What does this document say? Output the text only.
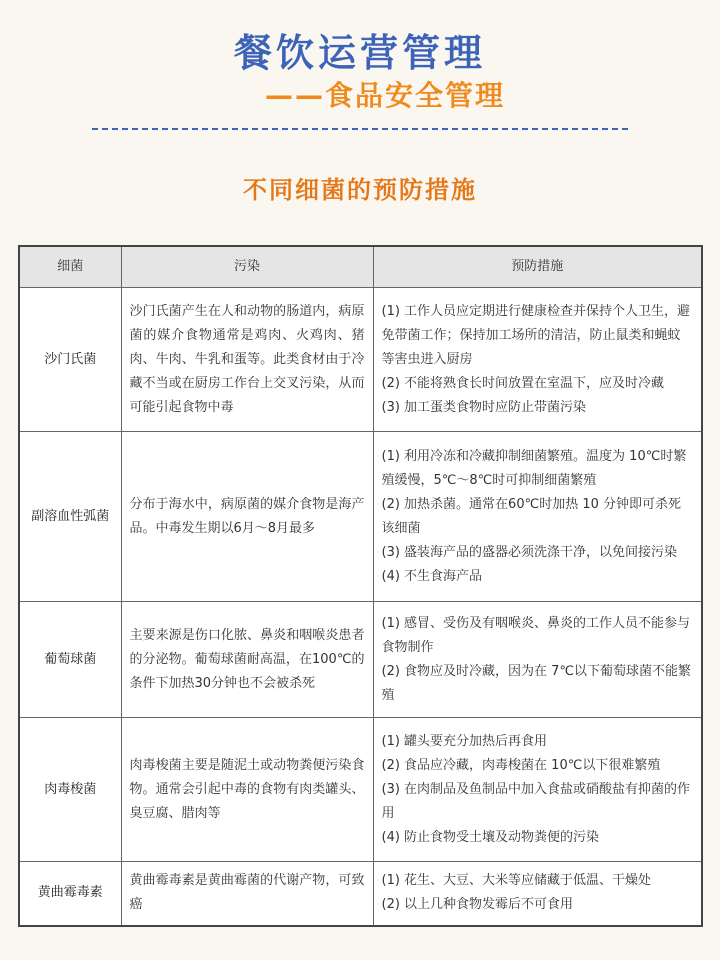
餐饮运营管理
——食品安全管理
不同细菌的预防措施
细菌	污染	预防措施
沙门氏菌	沙门氏菌产生在人和动物的肠道内，病原菌的媒介食物通常是鸡肉、火鸡肉、猪肉、牛肉、牛乳和蛋等。此类食材由于冷藏不当或在厨房工作台上交叉污染，从而可能引起食物中毒	(1) 工作人员应定期进行健康检查并保持个人卫生，避免带菌工作；保持加工场所的清洁，防止鼠类和蝇蚊等害虫进入厨房
(2) 不能将熟食长时间放置在室温下，应及时冷藏
(3) 加工蛋类食物时应防止带菌污染

副溶血性弧菌	分布于海水中，病原菌的媒介食物是海产品。中毒发生期以6月～8月最多	(1) 利用冷冻和冷藏抑制细菌繁殖。温度为 10℃时繁殖缓慢，5℃～8℃时可抑制细菌繁殖
(2) 加热杀菌。通常在60℃时加热 10 分钟即可杀死该细菌
(3) 盛装海产品的盛器必须洗涤干净，以免间接污染
(4) 不生食海产品

葡萄球菌	主要来源是伤口化脓、鼻炎和咽喉炎患者的分泌物。葡萄球菌耐高温，在100℃的条件下加热30分钟也不会被杀死	(1) 感冒、受伤及有咽喉炎、鼻炎的工作人员不能参与食物制作
(2) 食物应及时冷藏，因为在 7℃以下葡萄球菌不能繁殖

肉毒梭菌	肉毒梭菌主要是随泥土或动物粪便污染食物。通常会引起中毒的食物有肉类罐头、臭豆腐、腊肉等	(1) 罐头要充分加热后再食用
(2) 食品应冷藏，肉毒梭菌在 10℃以下很难繁殖
(3) 在肉制品及鱼制品中加入食盐或硝酸盐有抑菌的作用
(4) 防止食物受土壤及动物粪便的污染

黄曲霉毒素	黄曲霉毒素是黄曲霉菌的代谢产物，可致癌	(1) 花生、大豆、大米等应储藏于低温、干燥处
(2) 以上几种食物发霉后不可食用
